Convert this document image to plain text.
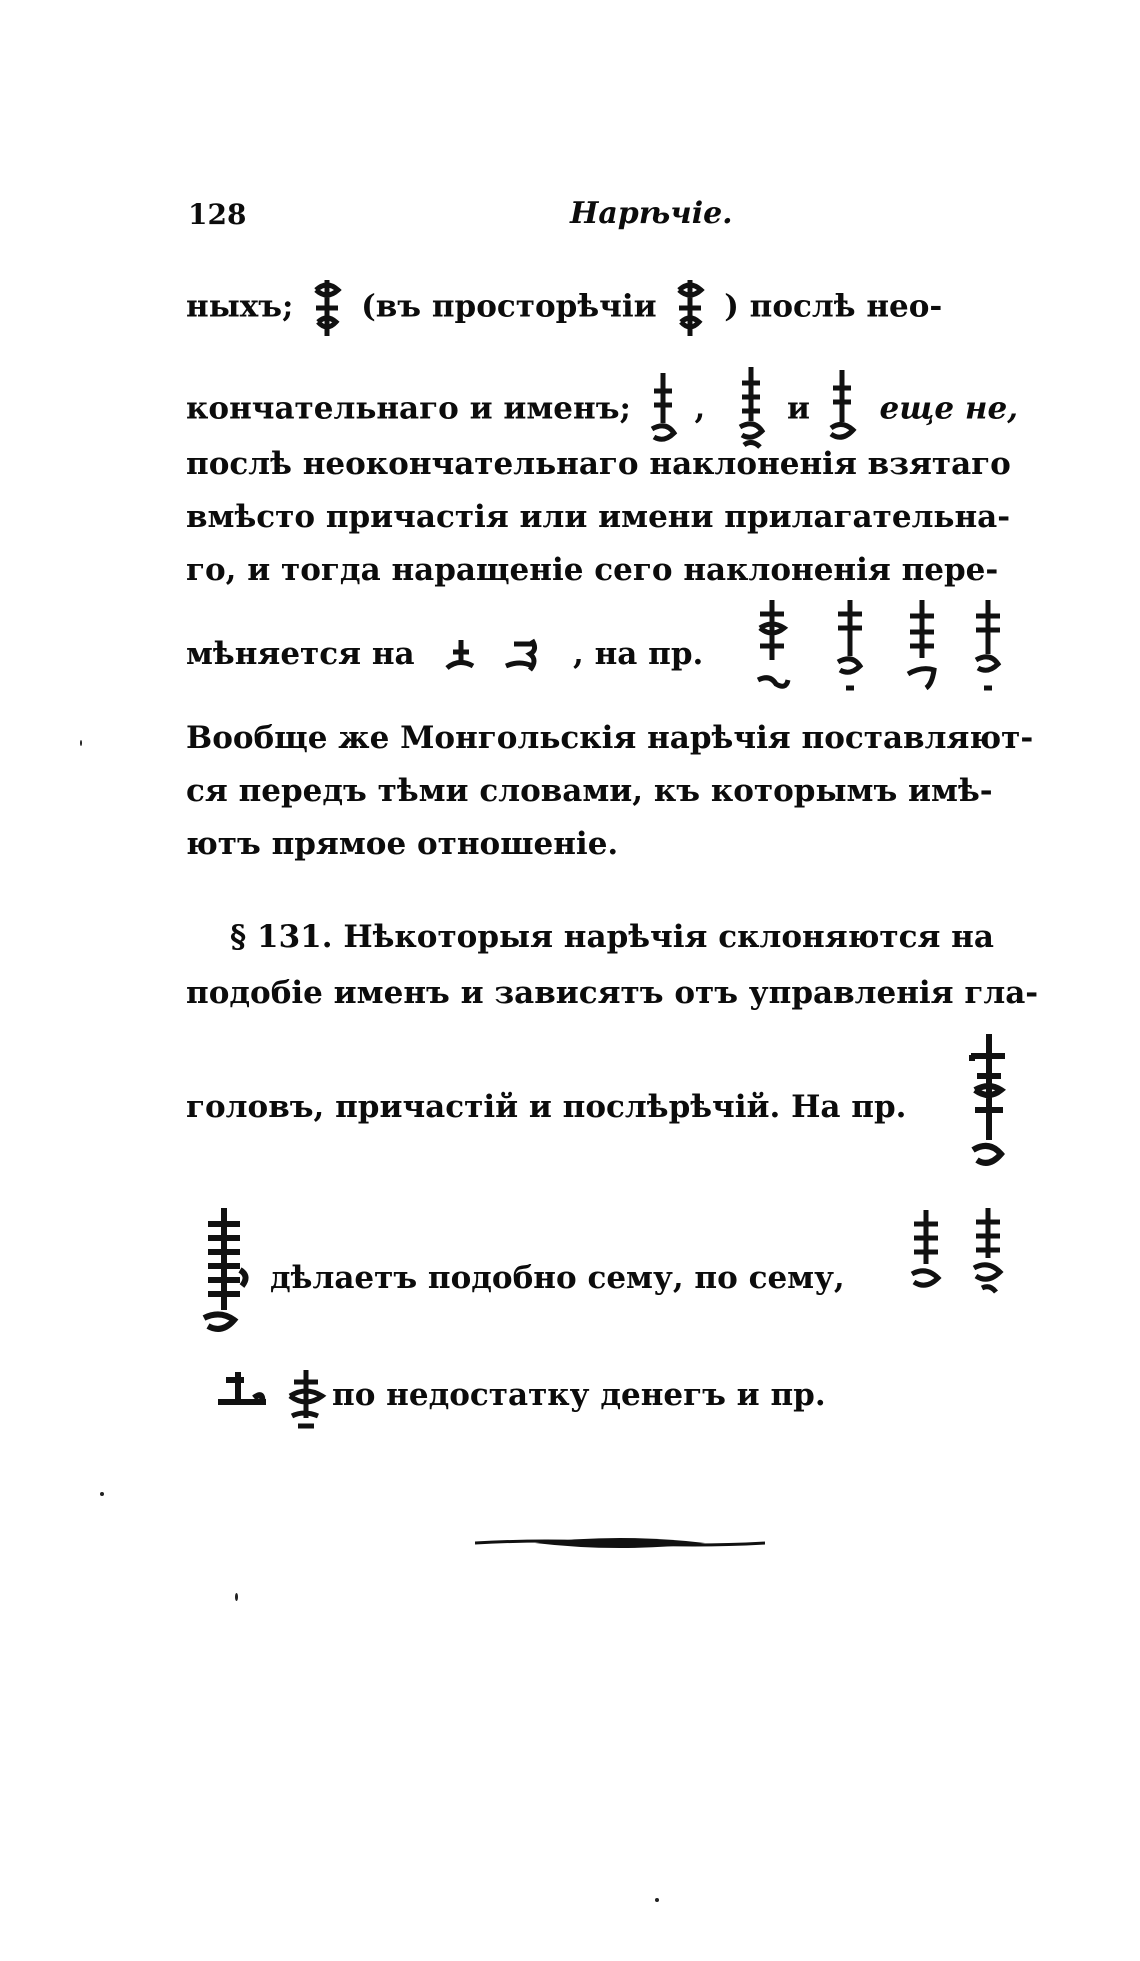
128	Нарѣчіе.
ныхъ; (въ просторѣчіи ) послѣ нео-
кончательнаго и именъ; ,	и еще не,
послѣ неокончательнаго наклоненія взятаго
вмѣсто причастія или имени прилагательна-
го, и тогда наращеніе сего наклоненія пере-
мѣняется на
	, на пр.
Вообще же Монгольскія нарѣчія поставляют-
ся передъ тѣми словами, къ которымъ имѣ-
ютъ прямое отношеніе.
§ 131. Нѣкоторыя нарѣчія склоняются на
подобіе именъ и зависятъ отъ управленія гла-
головъ, причастій и послѣрѣчій. На пр.
дѣлаетъ подобно сему, по сему,
по недостатку денегъ и пр.
